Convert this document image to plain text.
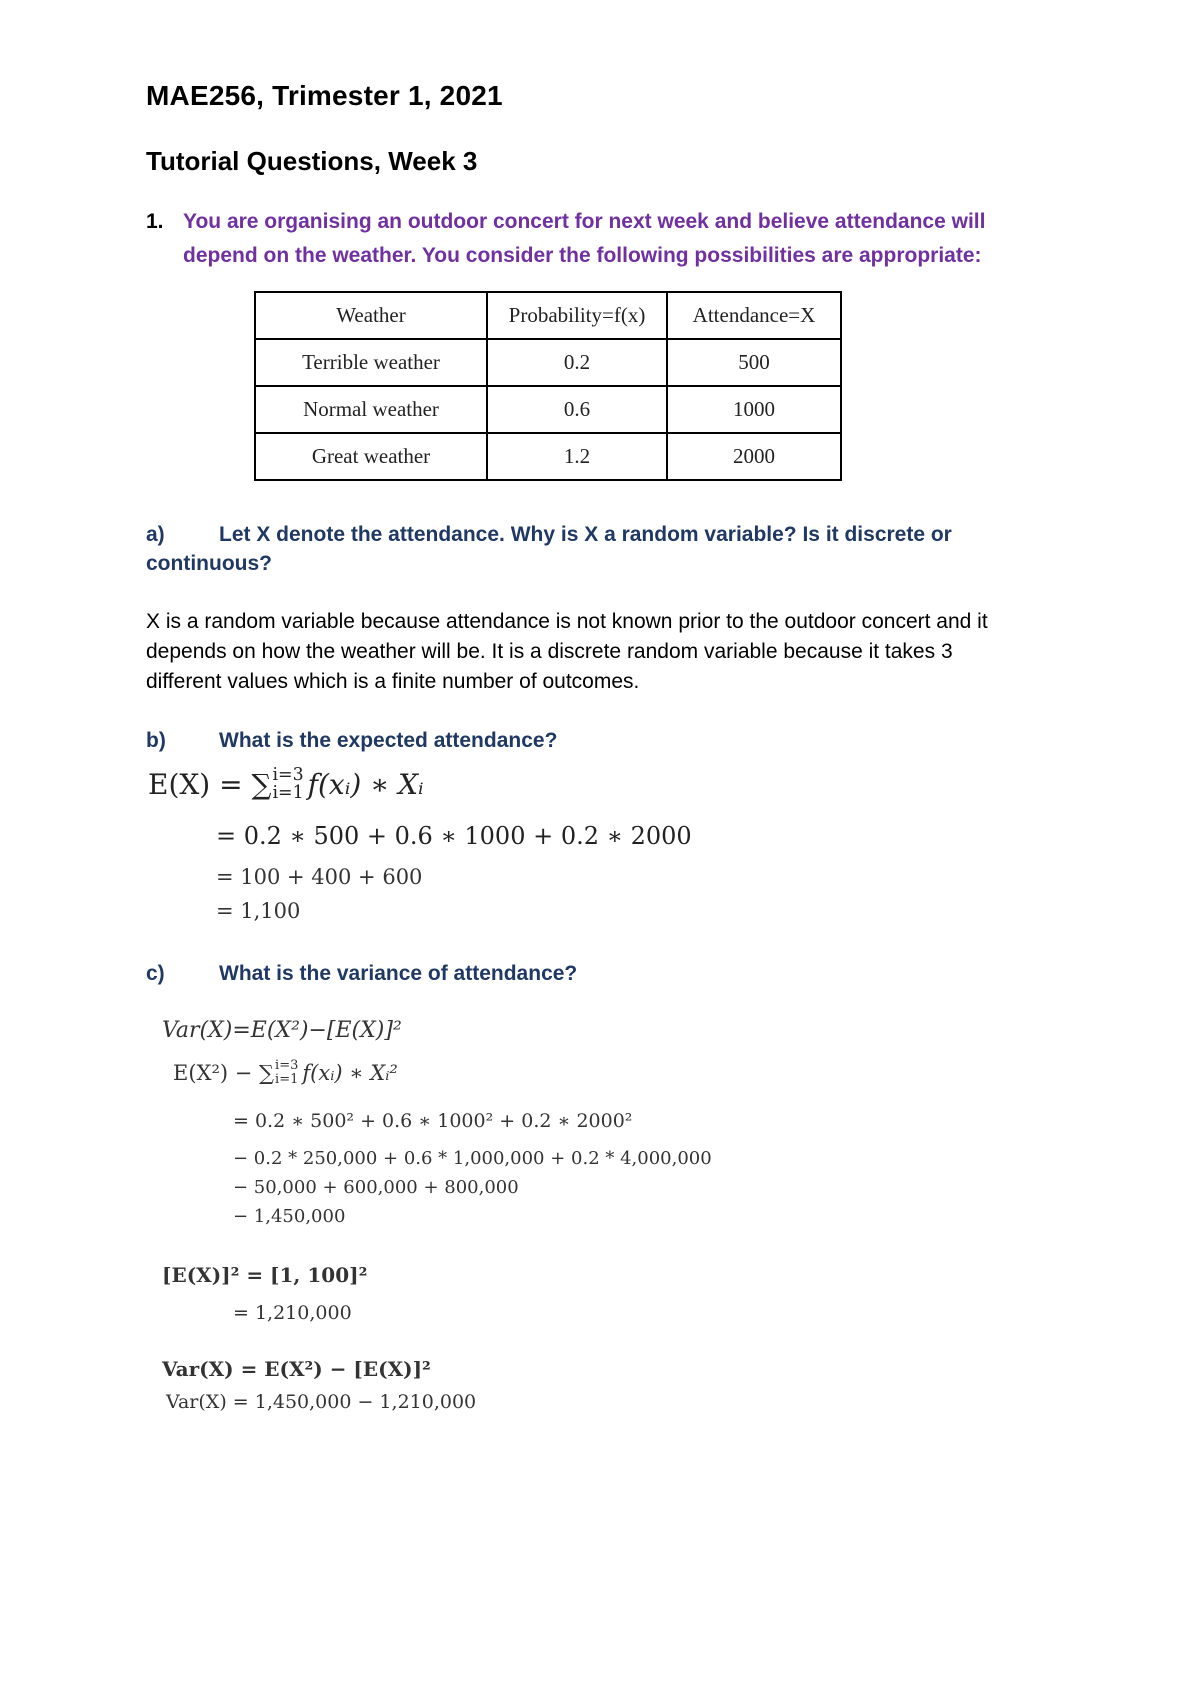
MAE256, Trimester 1, 2021
Tutorial Questions, Week 3
1. You are organising an outdoor concert for next week and believe attendance will
depend on the weather. You consider the following possibilities are appropriate:
Weather	Probability=f(x)	Attendance=X
Terrible weather	0.2	500
Normal weather	0.6	1000
Great weather	1.2	2000
a)	Let X denote the attendance. Why is X a random variable? Is it discrete or
continuous?
X is a random variable because attendance is not known prior to the outdoor concert and it
depends on how the weather will be. It is a discrete random variable because it takes 3
different values which is a finite number of outcomes.
b)	What is the expected attendance?
E(X) = ∑ i=3
i=1 f(xᵢ) ∗ Xᵢ
= 0.2 ∗ 500 + 0.6 ∗ 1000 + 0.2 ∗ 2000
= 100 + 400 + 600
= 1,100
c)	What is the variance of attendance?
Var(X)=E(X²)−[E(X)]²
E(X²) − ∑ i=3
i=1 f(xᵢ) ∗ Xᵢ²
= 0.2 ∗ 500² + 0.6 ∗ 1000² + 0.2 ∗ 2000²
− 0.2 * 250,000 + 0.6 * 1,000,000 + 0.2 * 4,000,000
− 50,000 + 600,000 + 800,000
− 1,450,000
[E(X)]² = [1, 100]²
= 1,210,000
Var(X) = E(X²) − [E(X)]²
Var(X) = 1,450,000 − 1,210,000
